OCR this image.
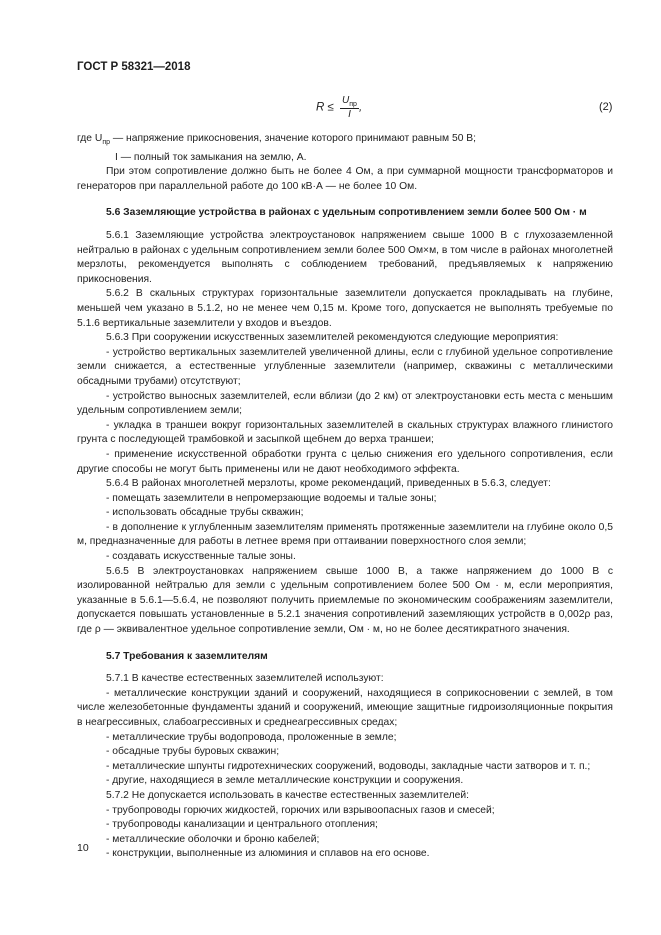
ГОСТ Р 58321—2018
$R \le \frac{U_{пр}}{I}$ ,	(2)

где $U_{пр}$ — напряжение прикосновения, значение которого принимают равным 50 В;

I — полный ток замыкания на землю, А.

При этом сопротивление должно быть не более 4 Ом, а при суммарной мощности трансформаторов и генераторов при параллельной работе до 100 кВ·А — не более 10 Ом.

5.6 Заземляющие устройства в районах с удельным сопротивлением земли более 500 Ом · м

5.6.1 Заземляющие устройства электроустановок напряжением свыше 1000 В с глухозаземленной нейтралью в районах с удельным сопротивлением земли более 500 Ом×м, в том числе в районах многолетней мерзлоты, рекомендуется выполнять с соблюдением требований, предъявляемых к напряжению прикосновения.

5.6.2 В скальных структурах горизонтальные заземлители допускается прокладывать на глубине, меньшей чем указано в 5.1.2, но не менее чем 0,15 м. Кроме того, допускается не выполнять требуемые по 5.1.6 вертикальные заземлители у входов и въездов.

5.6.3 При сооружении искусственных заземлителей рекомендуются следующие мероприятия:

- устройство вертикальных заземлителей увеличенной длины, если с глубиной удельное сопротивление земли снижается, а естественные углубленные заземлители (например, скважины с металлическими обсадными трубами) отсутствуют;

- устройство выносных заземлителей, если вблизи (до 2 км) от электроустановки есть места с меньшим удельным сопротивлением земли;

- укладка в траншеи вокруг горизонтальных заземлителей в скальных структурах влажного глинистого грунта с последующей трамбовкой и засыпкой щебнем до верха траншеи;

- применение искусственной обработки грунта с целью снижения его удельного сопротивления, если другие способы не могут быть применены или не дают необходимого эффекта.

5.6.4 В районах многолетней мерзлоты, кроме рекомендаций, приведенных в 5.6.3, следует:

- помещать заземлители в непромерзающие водоемы и талые зоны;

- использовать обсадные трубы скважин;

- в дополнение к углубленным заземлителям применять протяженные заземлители на глубине около 0,5 м, предназначенные для работы в летнее время при оттаивании поверхностного слоя земли;

- создавать искусственные талые зоны.

5.6.5 В электроустановках напряжением свыше 1000 В, а также напряжением до 1000 В с изолированной нейтралью для земли с удельным сопротивлением более 500 Ом · м, если мероприятия, указанные в 5.6.1—5.6.4, не позволяют получить приемлемые по экономическим соображениям заземлители, допускается повышать установленные в 5.2.1 значения сопротивлений заземляющих устройств в 0,002ρ раз, где ρ — эквивалентное удельное сопротивление земли, Ом · м, но не более десятикратного значения.

5.7 Требования к заземлителям

5.7.1 В качестве естественных заземлителей используют:

- металлические конструкции зданий и сооружений, находящиеся в соприкосновении с землей, в том числе железобетонные фундаменты зданий и сооружений, имеющие защитные гидроизоляционные покрытия в неагрессивных, слабоагрессивных и среднеагрессивных средах;

- металлические трубы водопровода, проложенные в земле;

- обсадные трубы буровых скважин;

- металлические шпунты гидротехнических сооружений, водоводы, закладные части затворов и т. п.;

- другие, находящиеся в земле металлические конструкции и сооружения.

5.7.2 Не допускается использовать в качестве естественных заземлителей:

- трубопроводы горючих жидкостей, горючих или взрывоопасных газов и смесей;

- трубопроводы канализации и центрального отопления;

- металлические оболочки и броню кабелей;

- конструкции, выполненные из алюминия и сплавов на его основе.

10
